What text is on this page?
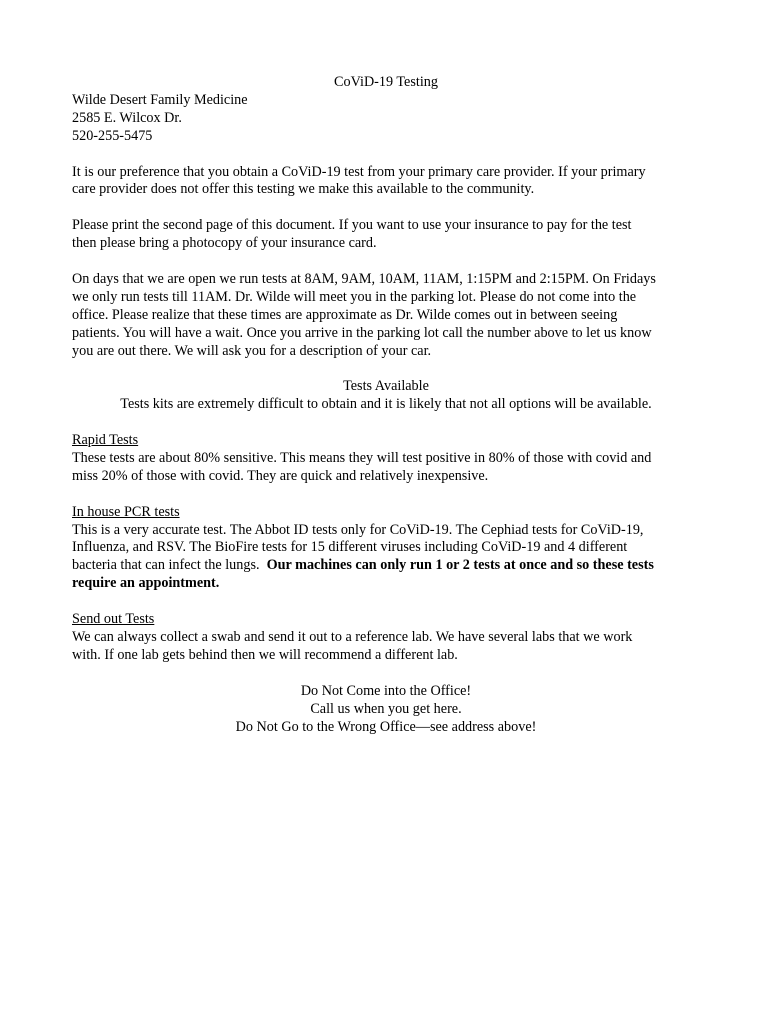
CoViD-19 Testing
Wilde Desert Family Medicine
2585 E. Wilcox Dr.
520-255-5475
It is our preference that you obtain a CoViD-19 test from your primary care provider. If your primary
care provider does not offer this testing we make this available to the community.
Please print the second page of this document. If you want to use your insurance to pay for the test
then please bring a photocopy of your insurance card.
On days that we are open we run tests at 8AM, 9AM, 10AM, 11AM, 1:15PM and 2:15PM. On Fridays
we only run tests till 11AM. Dr. Wilde will meet you in the parking lot. Please do not come into the
office. Please realize that these times are approximate as Dr. Wilde comes out in between seeing
patients. You will have a wait. Once you arrive in the parking lot call the number above to let us know
you are out there. We will ask you for a description of your car.
Tests Available
Tests kits are extremely difficult to obtain and it is likely that not all options will be available.
Rapid Tests
These tests are about 80% sensitive. This means they will test positive in 80% of those with covid and
miss 20% of those with covid. They are quick and relatively inexpensive.
In house PCR tests
This is a very accurate test. The Abbot ID tests only for CoViD-19. The Cephiad tests for CoViD-19,
Influenza, and RSV. The BioFire tests for 15 different viruses including CoViD-19 and 4 different
bacteria that can infect the lungs.  Our machines can only run 1 or 2 tests at once and so these tests
require an appointment.
Send out Tests
We can always collect a swab and send it out to a reference lab. We have several labs that we work
with. If one lab gets behind then we will recommend a different lab.
Do Not Come into the Office!
Call us when you get here.
Do Not Go to the Wrong Office—see address above!
